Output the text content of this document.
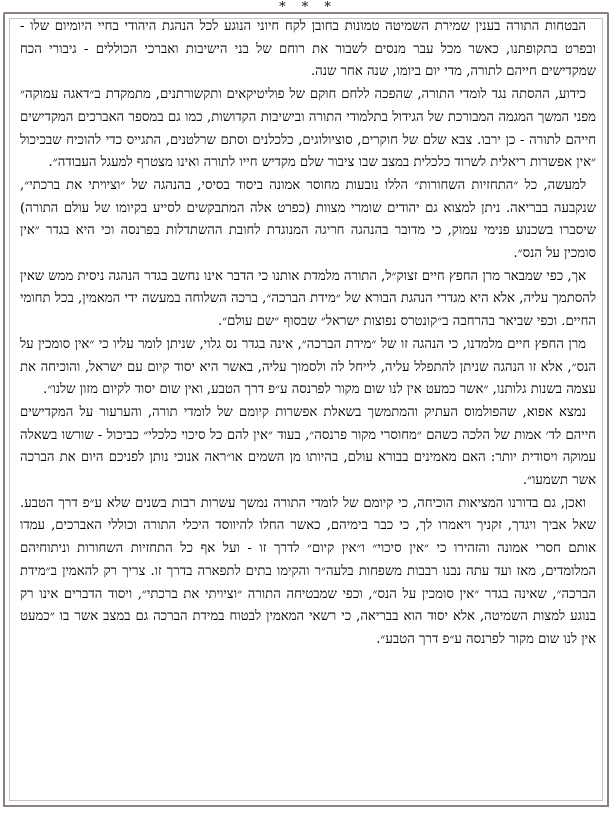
* * *

הבטחות התורה בענין שמירת השמיטה טמונות בחובן לקח חיוני הנוגע לכל הנהגת היהודי בחיי היומיום שלו - ובפרט בתקופתנו, כאשר מכל עבר מנסים לשבור את רוחם של בני הישיבות ואברכי הכוללים - גיבורי הכח שמקדישים חייהם לתורה, מדי יום ביומו, שנה אחר שנה.

כידוע, ההסתה נגד לומדי התורה, שהפכה ללחם חוקם של פוליטיקאים ותקשורתנים, מתמקדת ב״דאגה עמוקה״ מפני המשך המגמה המבורכת של הגידול בתלמודי התורה ובישיבות הקדושות, כמו גם במספר האברכים המקדישים חייהם לתורה - כן ירבו. צבא שלם של חוקרים, סוציולוגים, כלכלנים וסתם שרלטנים, התגייס כדי להוכיח שבכיכול ״אין אפשרות ריאלית לשרוד כלכלית במצב שבו ציבור שלם מקדיש חייו לתורה ואינו מצטרף למעגל העבודה״.

למעשה, כל ״התחזיות השחורות״ הללו נובעות מחוסר אמונה ביסוד בסיסי, בהנהגה של ״וציויתי את ברכתי״, שנקבעה בבריאה. ניתן למצוא גם יהודים שומרי מצוות (כפרט אלה המתבקשים לסייע בקיומו של עולם התורה) שיסברו בשכנוע פנימי עמוק, כי מדובר בהנהגה חריגה המנוגדת לחובת ההשתדלות בפרנסה וכי היא בגדר ״אין סומכין על הנס״.

אך, כפי שמבאר מרן החפץ חיים זצוק״ל, התורה מלמדת אותנו כי הדבר אינו נחשב בגדר הנהגה ניסית ממש שאין להסתמך עליה, אלא היא מגדרי הנהגת הבורא של ״מידת הברכה״, ברכה השלוחה במעשה ידי המאמין, בכל תחומי החיים. וכפי שביאר בהרחבה ב״קונטרס נפוצות ישראל״ שבסוף ״שם עולם״.

מרן החפץ חיים מלמדנו, כי הנהגה זו של ״מידת הברכה״, אינה בגדר נס גלוי, שניתן לומר עליו כי ״אין סומכין על הנס״, אלא זו הנהגה שניתן להתפלל עליה, לייחל לה ולסמוך עליה, באשר היא יסוד קיום עם ישראל, והוכיחה את עצמה בשנות גלותנו, ״אשר כמעט אין לנו שום מקור לפרנסה ע״פ דרך הטבע, ואין שום יסוד לקיום מזון שלנו״.

נמצא אפוא, שהפולמוס העתיק והמתמשך בשאלת אפשרות קיומם של לומדי תורה, והערעור על המקדישים חייהם לד׳ אמות של הלכה כשהם ״מחוסרי מקור פרנסה״, בעוד ״אין להם כל סיכוי כלכלי״ כביכול - שורשו בשאלה עמוקה ויסודית יותר: האם מאמינים בבורא עולם, בהיותו מן השמים או״ראה אנוכי נותן לפניכם היום את הברכה אשר תשמעו״.

ואכן, גם בדורנו המציאות הוכיחה, כי קיומם של לומדי התורה נמשך עשרות רבות בשנים שלא ע״פ דרך הטבע. שאל אביך ויגדך, זקניך ויאמרו לך, כי כבר בימיהם, כאשר החלו להיווסד היכלי התורה וכוללי האברכים, עמדו אותם חסרי אמונה והזהירו כי ״אין סיכוי״ ו״אין קיום״ לדרך זו - ועל אף כל התחזיות השחורות וניתוחיהם המלומדים, מאז ועד עתה נבנו רבבות משפחות בלעה״ר והקימו בתים לתפארה בדרך זו. צריך רק להאמין ב״מידת הברכה״, שאינה בגדר ״אין סומכין על הנס״, וכפי שמבטיחה התורה ״וציויתי את ברכתי״, ויסוד הדברים אינו רק בנוגע למצות השמיטה, אלא יסוד הוא בבריאה, כי רשאי המאמין לבטוח במידת הברכה גם במצב אשר בו ״כמעט אין לנו שום מקור לפרנסה ע״פ דרך הטבע״.
